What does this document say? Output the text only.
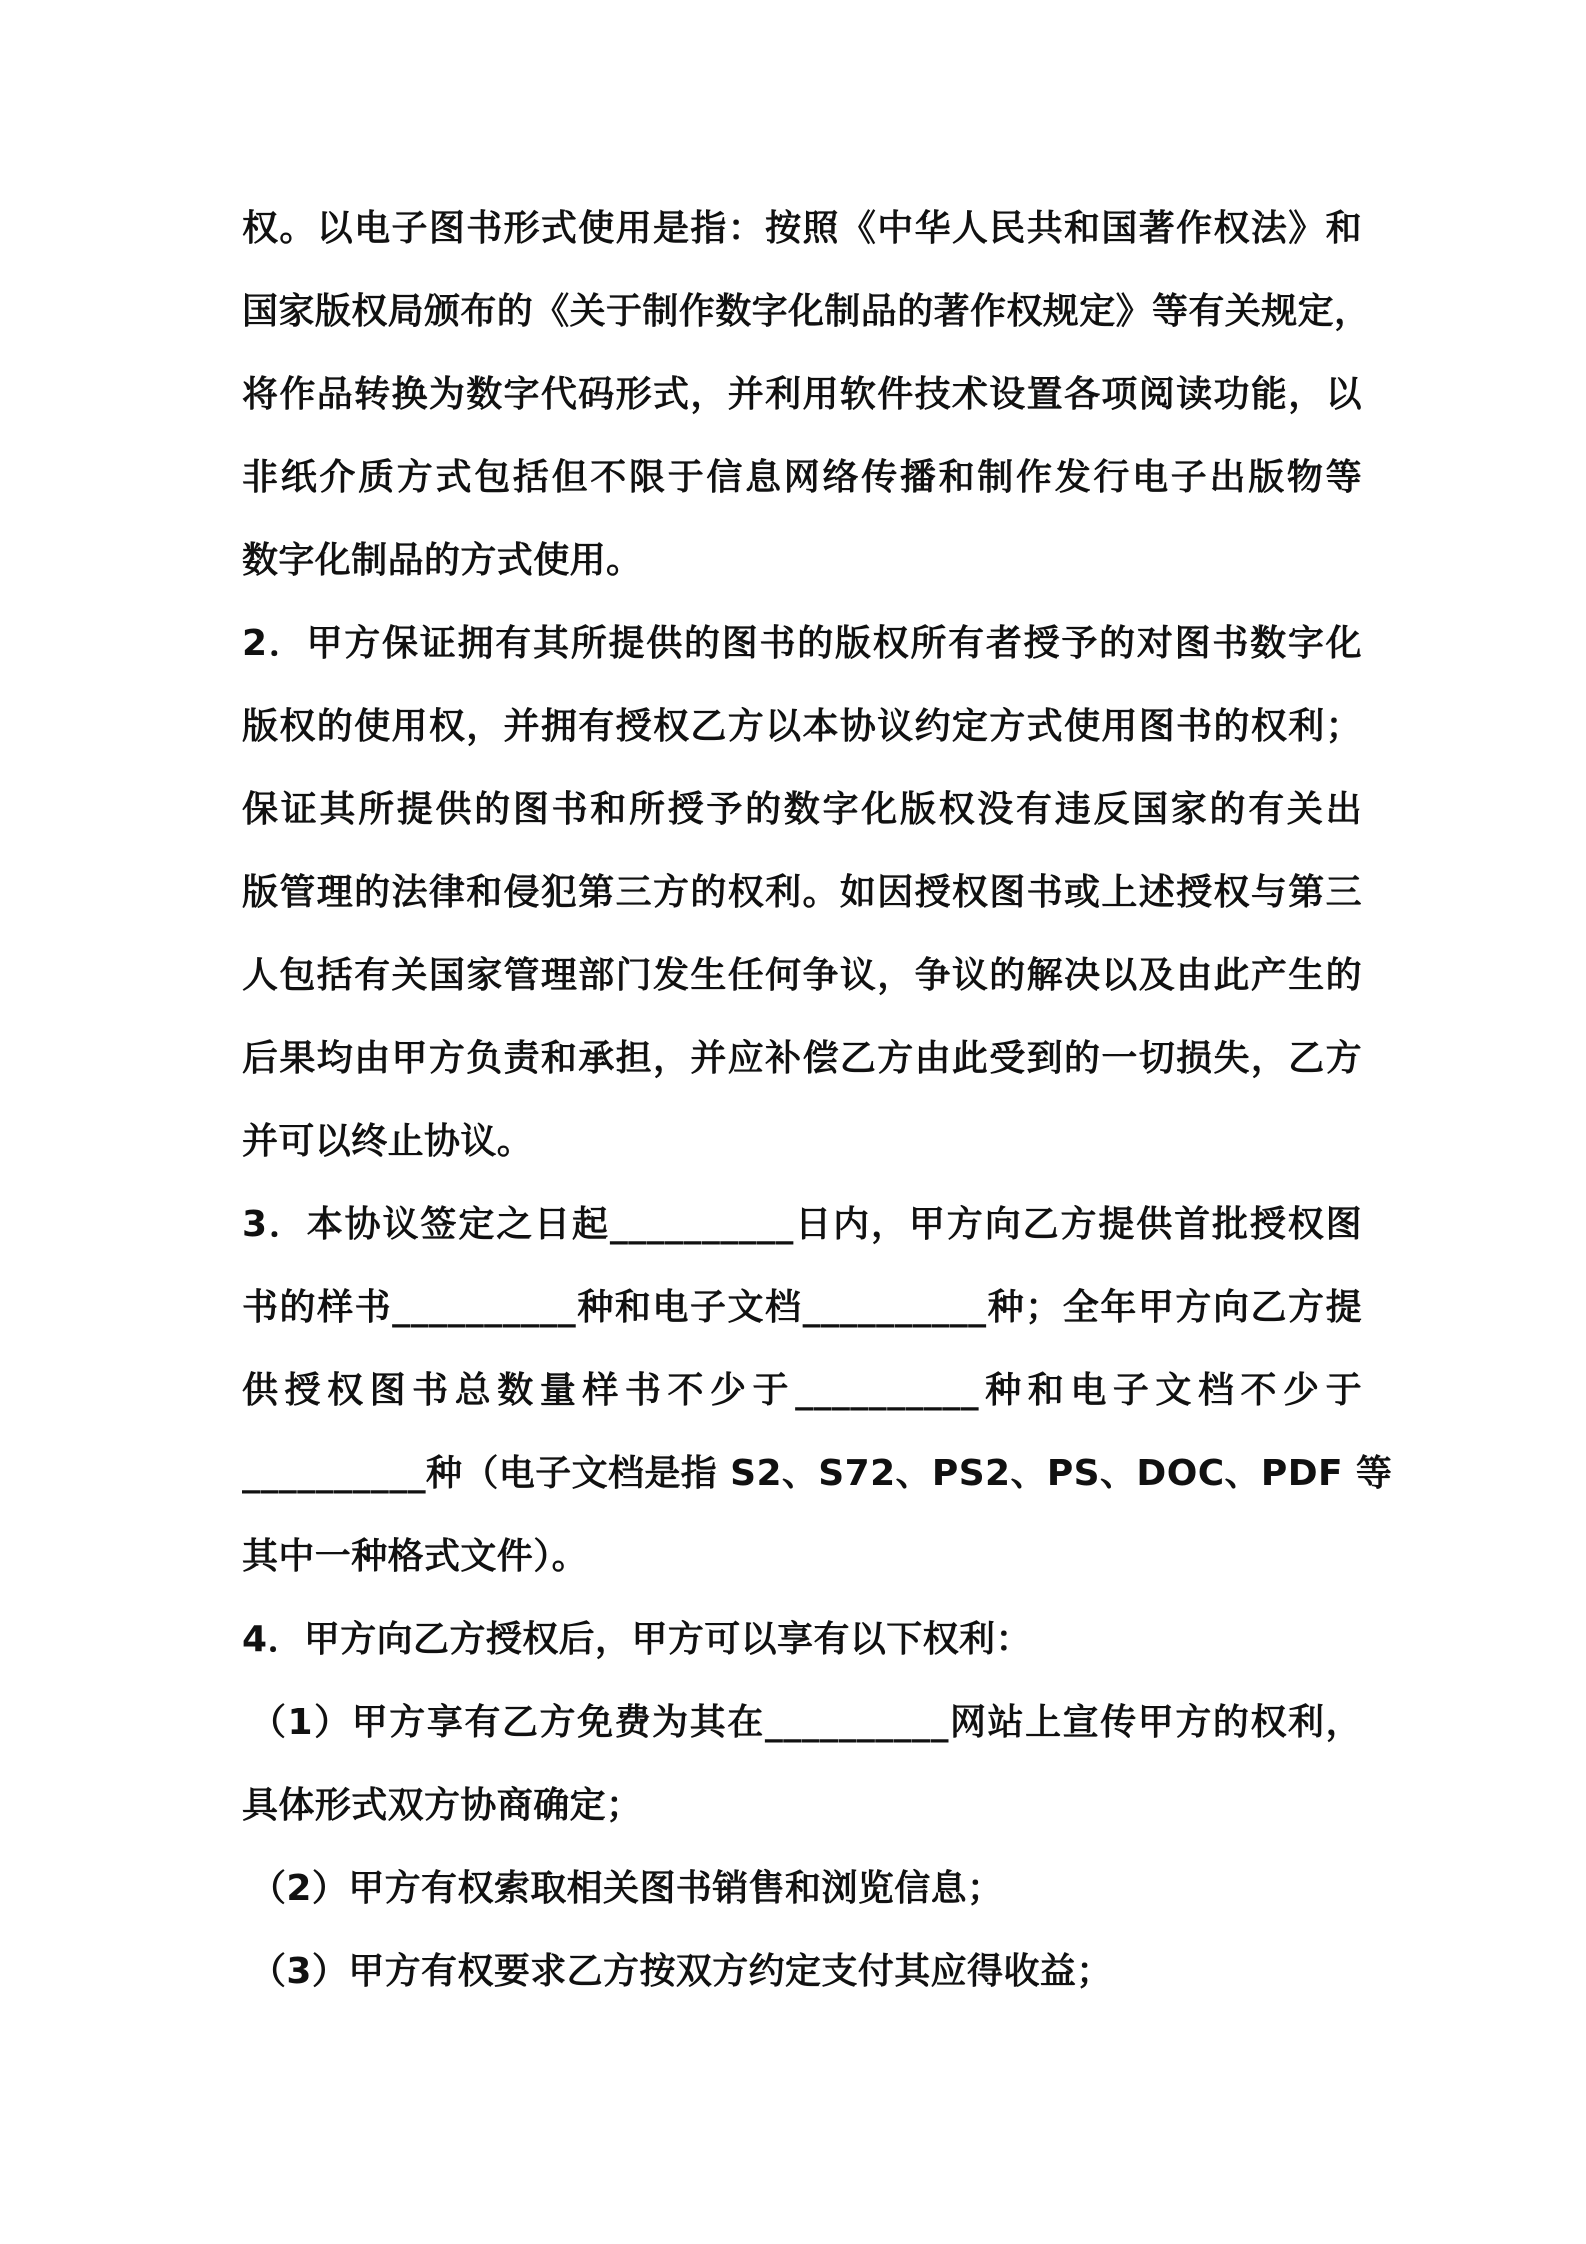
权。以电子图书形式使用是指：按照《中华人民共和国著作权法》和
国家版权局颁布的《关于制作数字化制品的著作权规定》等有关规定，
将作品转换为数字代码形式，并利用软件技术设置各项阅读功能，以
非纸介质方式包括但不限于信息网络传播和制作发行电子出版物等
数字化制品的方式使用。
2．甲方保证拥有其所提供的图书的版权所有者授予的对图书数字化
版权的使用权，并拥有授权乙方以本协议约定方式使用图书的权利；
保证其所提供的图书和所授予的数字化版权没有违反国家的有关出
版管理的法律和侵犯第三方的权利。如因授权图书或上述授权与第三
人包括有关国家管理部门发生任何争议，争议的解决以及由此产生的
后果均由甲方负责和承担，并应补偿乙方由此受到的一切损失，乙方
并可以终止协议。
3．本协议签定之日起__________日内，甲方向乙方提供首批授权图
书的样书__________种和电子文档__________种；全年甲方向乙方提
供授权图书总数量样书不少于__________种和电子文档不少于
__________种（电子文档是指 S2、S72、PS2、PS、DOC、PDF 等
其中一种格式文件）。
4．甲方向乙方授权后，甲方可以享有以下权利：
（1）甲方享有乙方免费为其在__________网站上宣传甲方的权利，
具体形式双方协商确定；
（2）甲方有权索取相关图书销售和浏览信息；
（3）甲方有权要求乙方按双方约定支付其应得收益；
